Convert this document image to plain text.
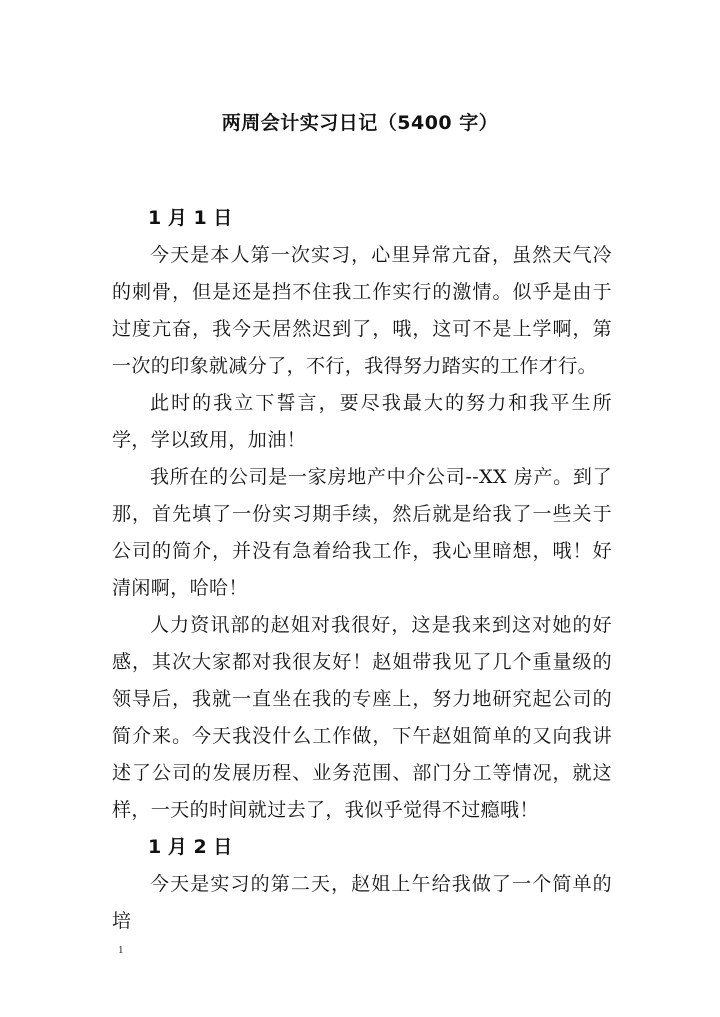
两周会计实习日记（5400 字）
1 月 1 日

今天是本人第一次实习，心里异常亢奋，虽然天气冷的刺骨，但是还是挡不住我工作实行的激情。似乎是由于过度亢奋，我今天居然迟到了，哦，这可不是上学啊，第一次的印象就减分了，不行，我得努力踏实的工作才行。

此时的我立下誓言，要尽我最大的努力和我平生所学，学以致用，加油！

我所在的公司是一家房地产中介公司--XX 房产。到了那，首先填了一份实习期手续，然后就是给我了一些关于公司的简介，并没有急着给我工作，我心里暗想，哦！好清闲啊，哈哈！

人力资讯部的赵姐对我很好，这是我来到这对她的好感，其次大家都对我很友好！赵姐带我见了几个重量级的领导后，我就一直坐在我的专座上，努力地研究起公司的简介来。今天我没什么工作做，下午赵姐简单的又向我讲述了公司的发展历程、业务范围、部门分工等情况，就这样，一天的时间就过去了，我似乎觉得不过瘾哦！

1 月 2 日

今天是实习的第二天，赵姐上午给我做了一个简单的培

1
